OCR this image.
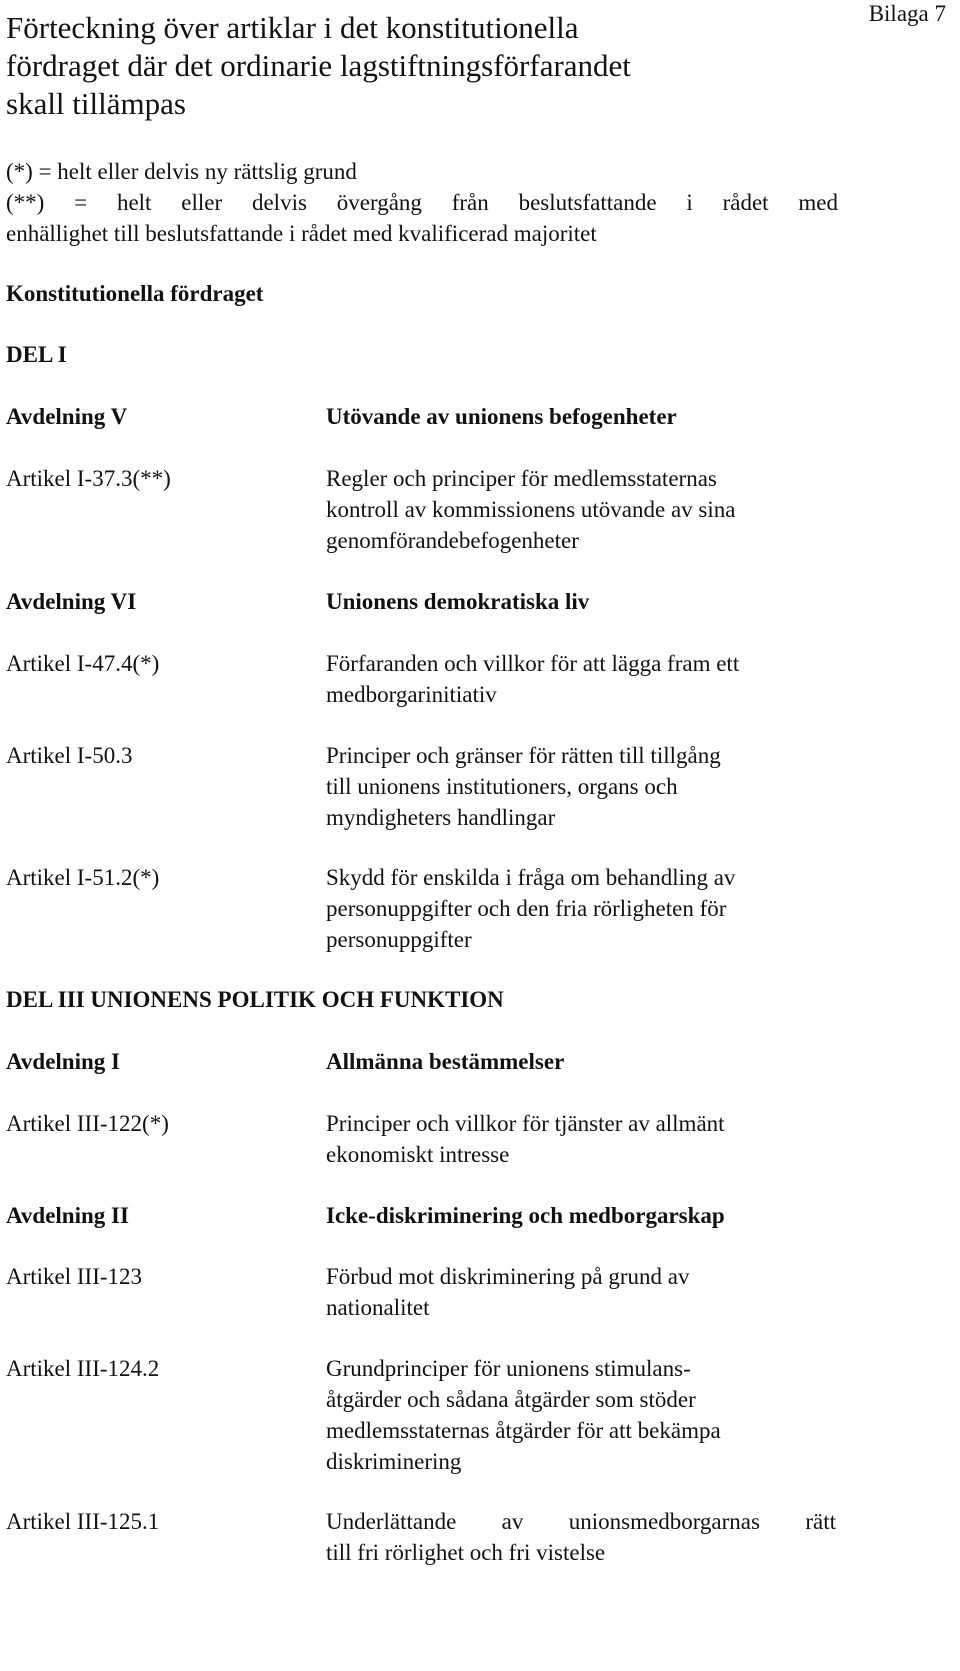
Bilaga 7
Förteckning över artiklar i det konstitutionella
fördraget där det ordinarie lagstiftningsförfarandet
skall tillämpas
(*) = helt eller delvis ny rättslig grund
(**) = helt eller delvis övergång från beslutsfattande i rådet med
enhällighet till beslutsfattande i rådet med kvalificerad majoritet
Konstitutionella fördraget
DEL I
Avdelning V	Utövande av unionens befogenheter
Artikel I-37.3(**)	Regler och principer för medlemsstaternas
kontroll av kommissionens utövande av sina
genomförandebefogenheter
Avdelning VI	Unionens demokratiska liv
Artikel I-47.4(*)	Förfaranden och villkor för att lägga fram ett
medborgarinitiativ
Artikel I-50.3	Principer och gränser för rätten till tillgång
till unionens institutioners, organs och
myndigheters handlingar
Artikel I-51.2(*)	Skydd för enskilda i fråga om behandling av
personuppgifter och den fria rörligheten för
personuppgifter
DEL III UNIONENS POLITIK OCH FUNKTION
Avdelning I	Allmänna bestämmelser
Artikel III-122(*)	Principer och villkor för tjänster av allmänt
ekonomiskt intresse
Avdelning II	Icke-diskriminering och medborgarskap
Artikel III-123	Förbud mot diskriminering på grund av
nationalitet
Artikel III-124.2	Grundprinciper för unionens stimulans-
åtgärder och sådana åtgärder som stöder
medlemsstaternas åtgärder för att bekämpa
diskriminering
Artikel III-125.1	Underlättande av unionsmedborgarnas rätt
till fri rörlighet och fri vistelse
